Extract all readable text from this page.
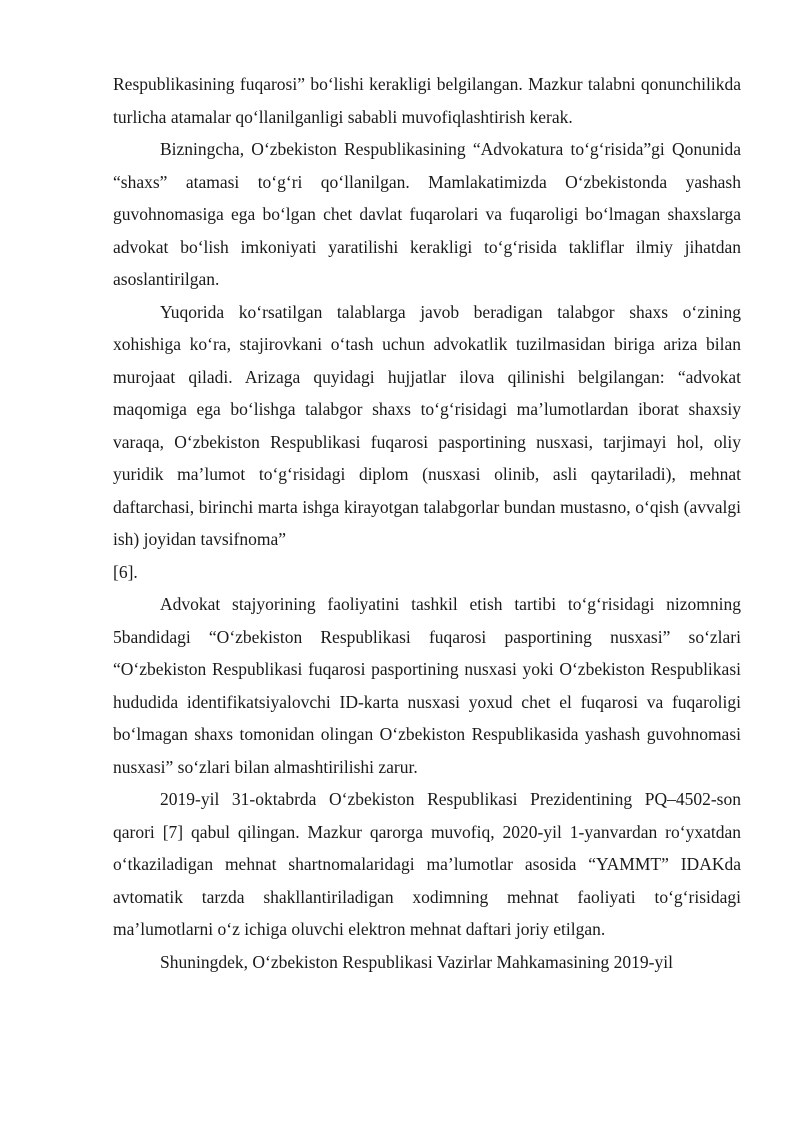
Respublikasining fuqarosi” bo‘lishi kerakligi belgilangan. Mazkur talabni qonunchilikda turlicha atamalar qo‘llanilganligi sababli muvofiqlashtirish kerak.

Bizningcha, O‘zbekiston Respublikasining “Advokatura to‘g‘risida”gi Qonunida “shaxs” atamasi to‘g‘ri qo‘llanilgan. Mamlakatimizda O‘zbekistonda yashash guvohnomasiga ega bo‘lgan chet davlat fuqarolari va fuqaroligi bo‘lmagan shaxslarga advokat bo‘lish imkoniyati yaratilishi kerakligi to‘g‘risida takliflar ilmiy jihatdan asoslantirilgan.

Yuqorida ko‘rsatilgan talablarga javob beradigan talabgor shaxs o‘zining xohishiga ko‘ra, stajirovkani o‘tash uchun advokatlik tuzilmasidan biriga ariza bilan murojaat qiladi. Arizaga quyidagi hujjatlar ilova qilinishi belgilangan: “advokat maqomiga ega bo‘lishga talabgor shaxs to‘g‘risidagi ma’lumotlardan iborat shaxsiy varaqa, O‘zbekiston Respublikasi fuqarosi pasportining nusxasi, tarjimayi hol, oliy yuridik ma’lumot to‘g‘risidagi diplom (nusxasi olinib, asli qaytariladi), mehnat daftarchasi, birinchi marta ishga kirayotgan talabgorlar bundan mustasno, o‘qish (avvalgi ish) joyidan tavsifnoma”

[6].

Advokat stajyorining faoliyatini tashkil etish tartibi to‘g‘risidagi nizomning 5bandidagi “O‘zbekiston Respublikasi fuqarosi pasportining nusxasi” so‘zlari “O‘zbekiston Respublikasi fuqarosi pasportining nusxasi yoki O‘zbekiston Respublikasi hududida identifikatsiyalovchi ID-karta nusxasi yoxud chet el fuqarosi va fuqaroligi bo‘lmagan shaxs tomonidan olingan O‘zbekiston Respublikasida yashash guvohnomasi nusxasi” so‘zlari bilan almashtirilishi zarur.

2019-yil 31-oktabrda O‘zbekiston Respublikasi Prezidentining PQ–4502-son qarori [7] qabul qilingan. Mazkur qarorga muvofiq, 2020-yil 1-yanvardan ro‘yxatdan o‘tkaziladigan mehnat shartnomalaridagi ma’lumotlar asosida “YAMMT” IDAKda avtomatik tarzda shakllantiriladigan xodimning mehnat faoliyati to‘g‘risidagi ma’lumotlarni o‘z ichiga oluvchi elektron mehnat daftari joriy etilgan.

Shuningdek, O‘zbekiston Respublikasi Vazirlar Mahkamasining 2019-yil
